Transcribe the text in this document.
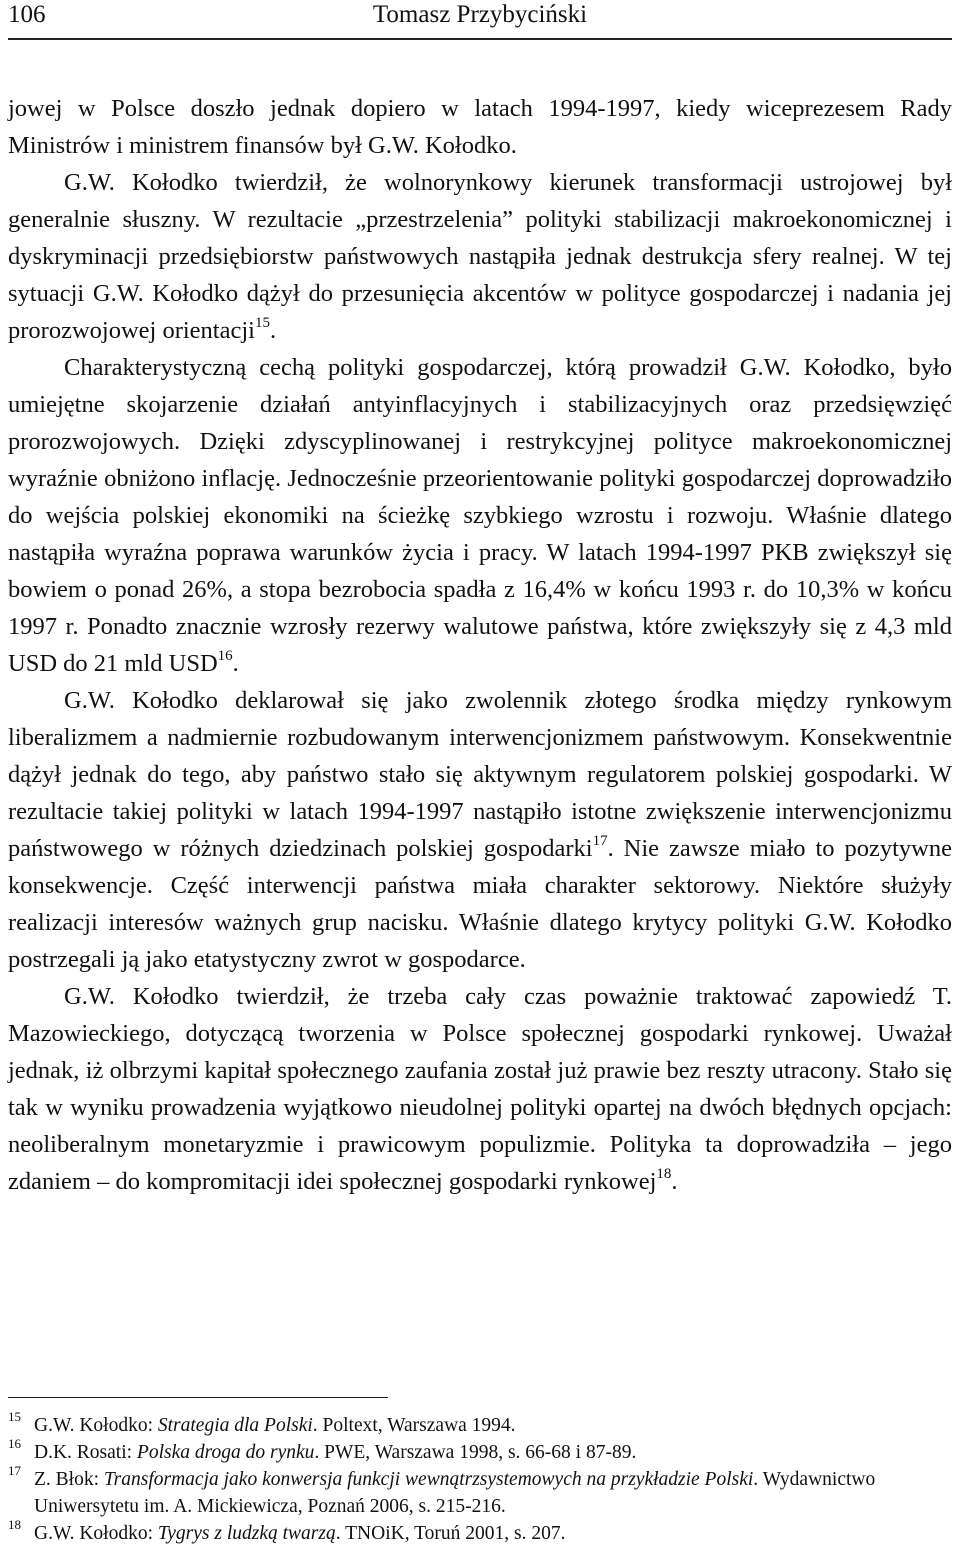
106	Tomasz Przybyciński

jowej w Polsce doszło jednak dopiero w latach 1994-1997, kiedy wiceprezesem Rady Ministrów i ministrem finansów był G.W. Kołodko.

G.W. Kołodko twierdził, że wolnorynkowy kierunek transformacji ustrojowej był generalnie słuszny. W rezultacie „przestrzelenia” polityki stabilizacji makroekonomicznej i dyskryminacji przedsiębiorstw państwowych nastąpiła jednak destrukcja sfery realnej. W tej sytuacji G.W. Kołodko dążył do przesunięcia akcentów w polityce gospodarczej i nadania jej prorozwojowej orientacji$^{15}$.

Charakterystyczną cechą polityki gospodarczej, którą prowadził G.W. Kołodko, było umiejętne skojarzenie działań antyinflacyjnych i stabilizacyjnych oraz przedsięwzięć prorozwojowych. Dzięki zdyscyplinowanej i restrykcyjnej polityce makroekonomicznej wyraźnie obniżono inflację. Jednocześnie przeorientowanie polityki gospodarczej doprowadziło do wejścia polskiej ekonomiki na ścieżkę szybkiego wzrostu i rozwoju. Właśnie dlatego nastąpiła wyraźna poprawa warunków życia i pracy. W latach 1994-1997 PKB zwiększył się bowiem o ponad 26%, a stopa bezrobocia spadła z 16,4% w końcu 1993 r. do 10,3% w końcu 1997 r. Ponadto znacznie wzrosły rezerwy walutowe państwa, które zwiększyły się z 4,3 mld USD do 21 mld USD$^{16}$.

G.W. Kołodko deklarował się jako zwolennik złotego środka między rynkowym liberalizmem a nadmiernie rozbudowanym interwencjonizmem państwowym. Konsekwentnie dążył jednak do tego, aby państwo stało się aktywnym regulatorem polskiej gospodarki. W rezultacie takiej polityki w latach 1994-1997 nastąpiło istotne zwiększenie interwencjonizmu państwowego w różnych dziedzinach polskiej gospodarki$^{17}$. Nie zawsze miało to pozytywne konsekwencje. Część interwencji państwa miała charakter sektorowy. Niektóre służyły realizacji interesów ważnych grup nacisku. Właśnie dlatego krytycy polityki G.W. Kołodko postrzegali ją jako etatystyczny zwrot w gospodarce.

G.W. Kołodko twierdził, że trzeba cały czas poważnie traktować zapowiedź T. Mazowieckiego, dotyczącą tworzenia w Polsce społecznej gospodarki rynkowej. Uważał jednak, iż olbrzymi kapitał społecznego zaufania został już prawie bez reszty utracony. Stało się tak w wyniku prowadzenia wyjątkowo nieudolnej polityki opartej na dwóch błędnych opcjach: neoliberalnym monetaryzmie i prawicowym populizmie. Polityka ta doprowadziła – jego zdaniem – do kompromitacji idei społecznej gospodarki rynkowej$^{18}$.

15 G.W. Kołodko: Strategia dla Polski. Poltext, Warszawa 1994.

16 D.K. Rosati: Polska droga do rynku. PWE, Warszawa 1998, s. 66-68 i 87-89.

17 Z. Błok: Transformacja jako konwersja funkcji wewnątrzsystemowych na przykładzie Polski. Wydawnictwo Uniwersytetu im. A. Mickiewicza, Poznań 2006, s. 215-216.

18 G.W. Kołodko: Tygrys z ludzką twarzą. TNOiK, Toruń 2001, s. 207.
